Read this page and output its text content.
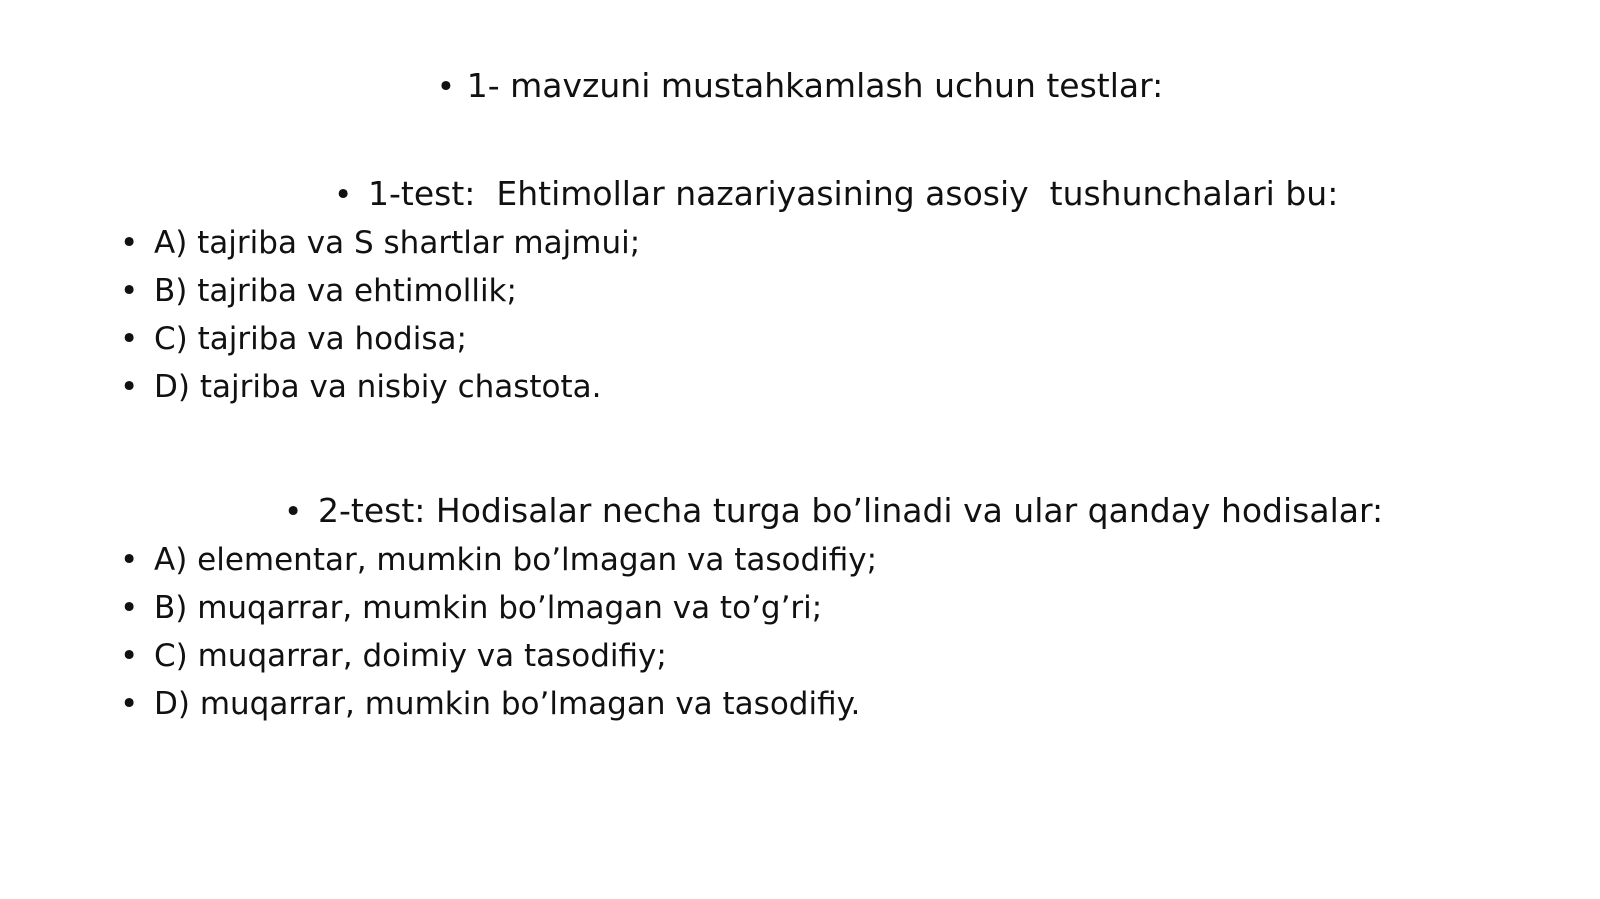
• 1- mavzuni mustahkamlash uchun testlar:
• 1-test:  Ehtimollar nazariyasining asosiy  tushunchalari bu:
• A) tajriba va S shartlar majmui;
• B) tajriba va ehtimollik;
• C) tajriba va hodisa;
• D) tajriba va nisbiy chastota.
• 2-test: Hodisalar necha turga bo’linadi va ular qanday hodisalar:
• A) elementar, mumkin bo’lmagan va tasodifiy;
• B) muqarrar, mumkin bo’lmagan va to’g’ri;
• C) muqarrar, doimiy va tasodifiy;
• D) muqarrar, mumkin bo’lmagan va tasodifiy.
